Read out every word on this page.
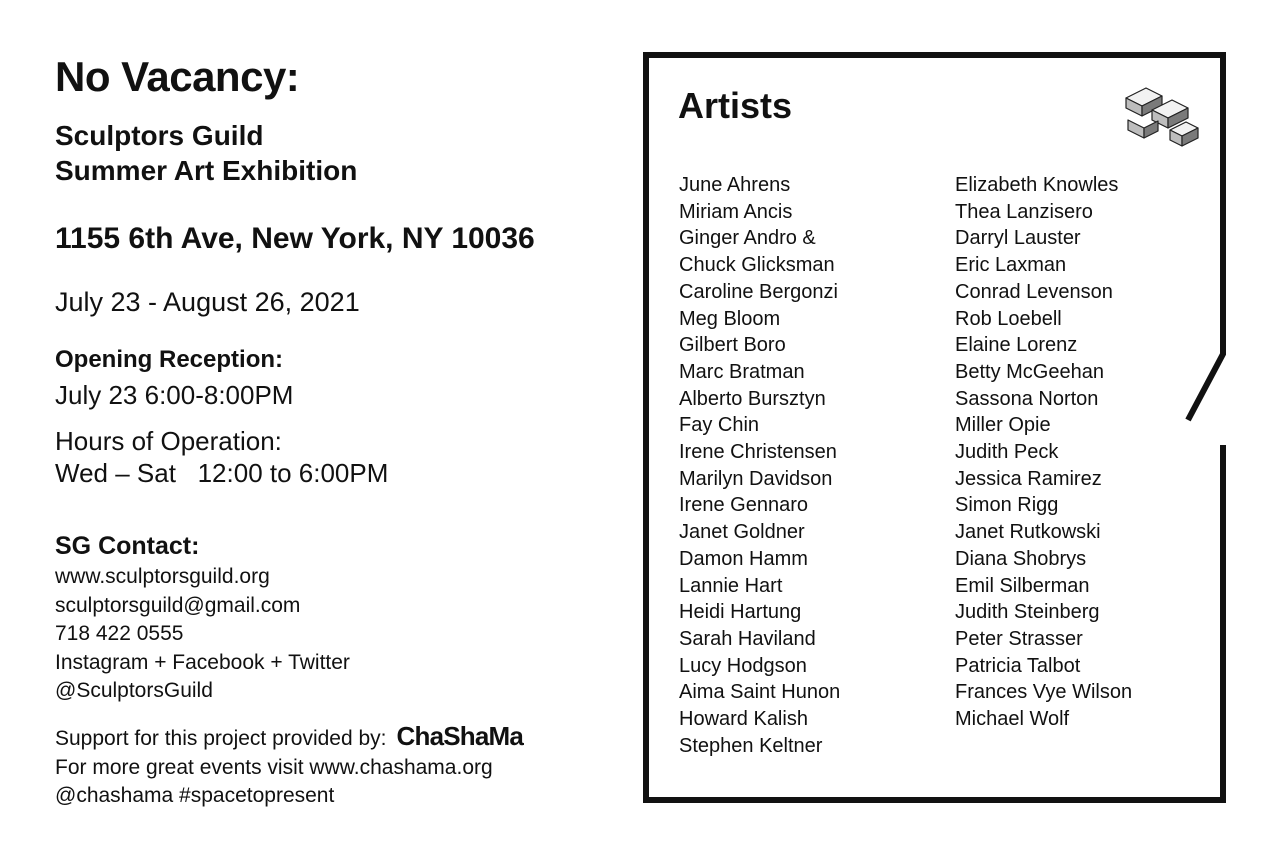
No Vacancy:
Sculptors Guild
Summer Art Exhibition
1155 6th Ave, New York, NY 10036
July 23 - August 26, 2021
Opening Reception:
July 23 6:00-8:00PM
Hours of Operation:
Wed – Sat   12:00 to 6:00PM
SG Contact:
www.sculptorsguild.org
sculptorsguild@gmail.com
718 422 0555
Instagram + Facebook + Twitter
@SculptorsGuild
Support for this project provided by: ChaShaMa
For more great events visit www.chashama.org
@chashama #spacetopresent
Artists
June Ahrens
Miriam Ancis
Ginger Andro &
Chuck Glicksman
Caroline Bergonzi
Meg Bloom
Gilbert Boro
Marc Bratman
Alberto Bursztyn
Fay Chin
Irene Christensen
Marilyn Davidson
Irene Gennaro
Janet Goldner
Damon Hamm
Lannie Hart
Heidi Hartung
Sarah Haviland
Lucy Hodgson
Aima Saint Hunon
Howard Kalish
Stephen Keltner
Elizabeth Knowles
Thea Lanzisero
Darryl Lauster
Eric Laxman
Conrad Levenson
Rob Loebell
Elaine Lorenz
Betty McGeehan
Sassona Norton
Miller Opie
Judith Peck
Jessica Ramirez
Simon Rigg
Janet Rutkowski
Diana Shobrys
Emil Silberman
Judith Steinberg
Peter Strasser
Patricia Talbot
Frances Vye Wilson
Michael Wolf
